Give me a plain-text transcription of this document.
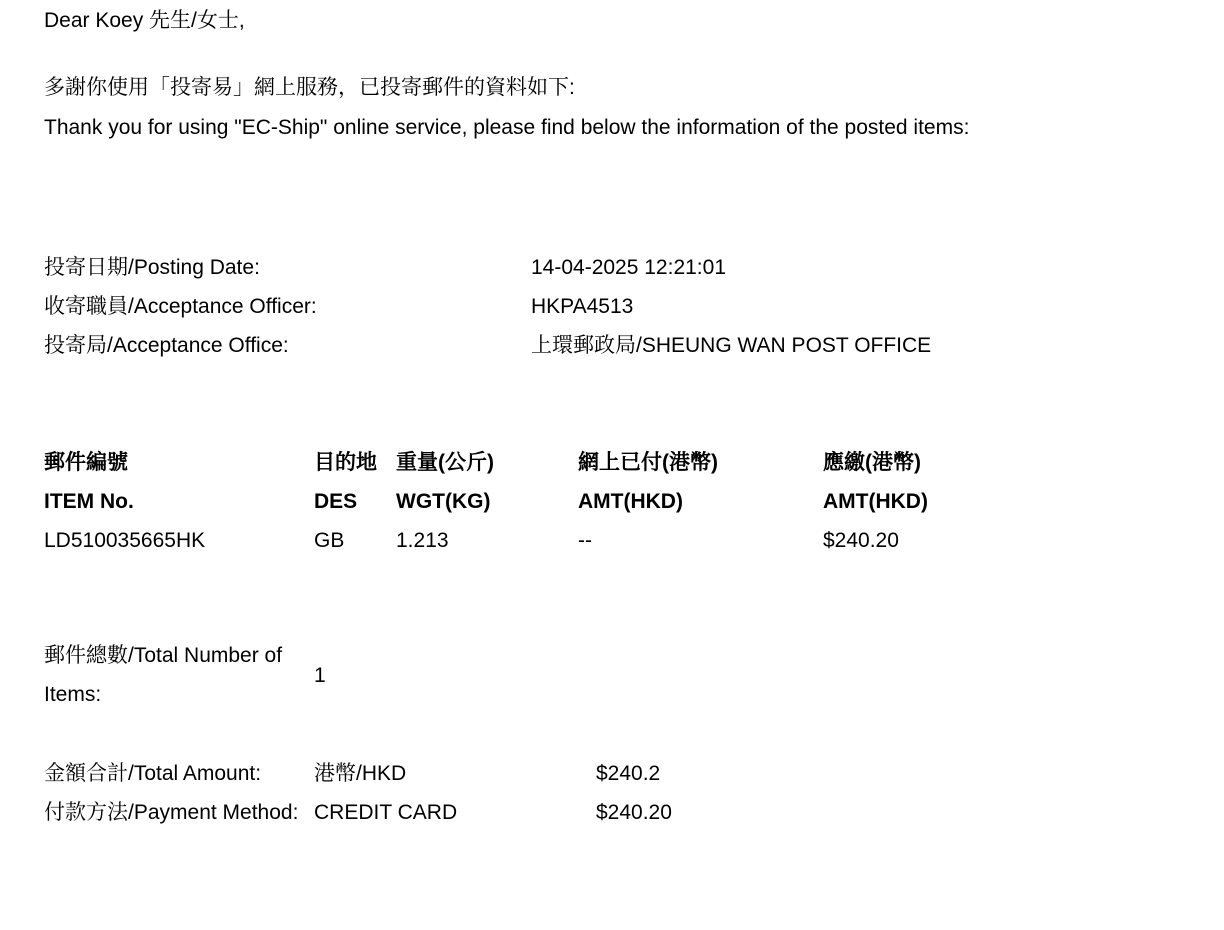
Dear Koey 先生/女士,

多謝你使用「投寄易」網上服務，已投寄郵件的資料如下:

Thank you for using "EC-Ship" online service, please find below the information of the posted items:

投寄日期/Posting Date:	14-04-2025 12:21:01
收寄職員/Acceptance Officer:	HKPA4513
投寄局/Acceptance Office:	上環郵政局/SHEUNG WAN POST OFFICE
郵件編號	目的地	重量(公斤)	網上已付(港幣)	應繳(港幣)
ITEM No.	DES	WGT(KG)	AMT(HKD)	AMT(HKD)
LD510035665HK	GB	1.213	--	$240.20
郵件總數/Total Number of Items:	1	

金額合計/Total Amount:	港幣/HKD	$240.2

付款方法/Payment Method:	CREDIT CARD	$240.20
